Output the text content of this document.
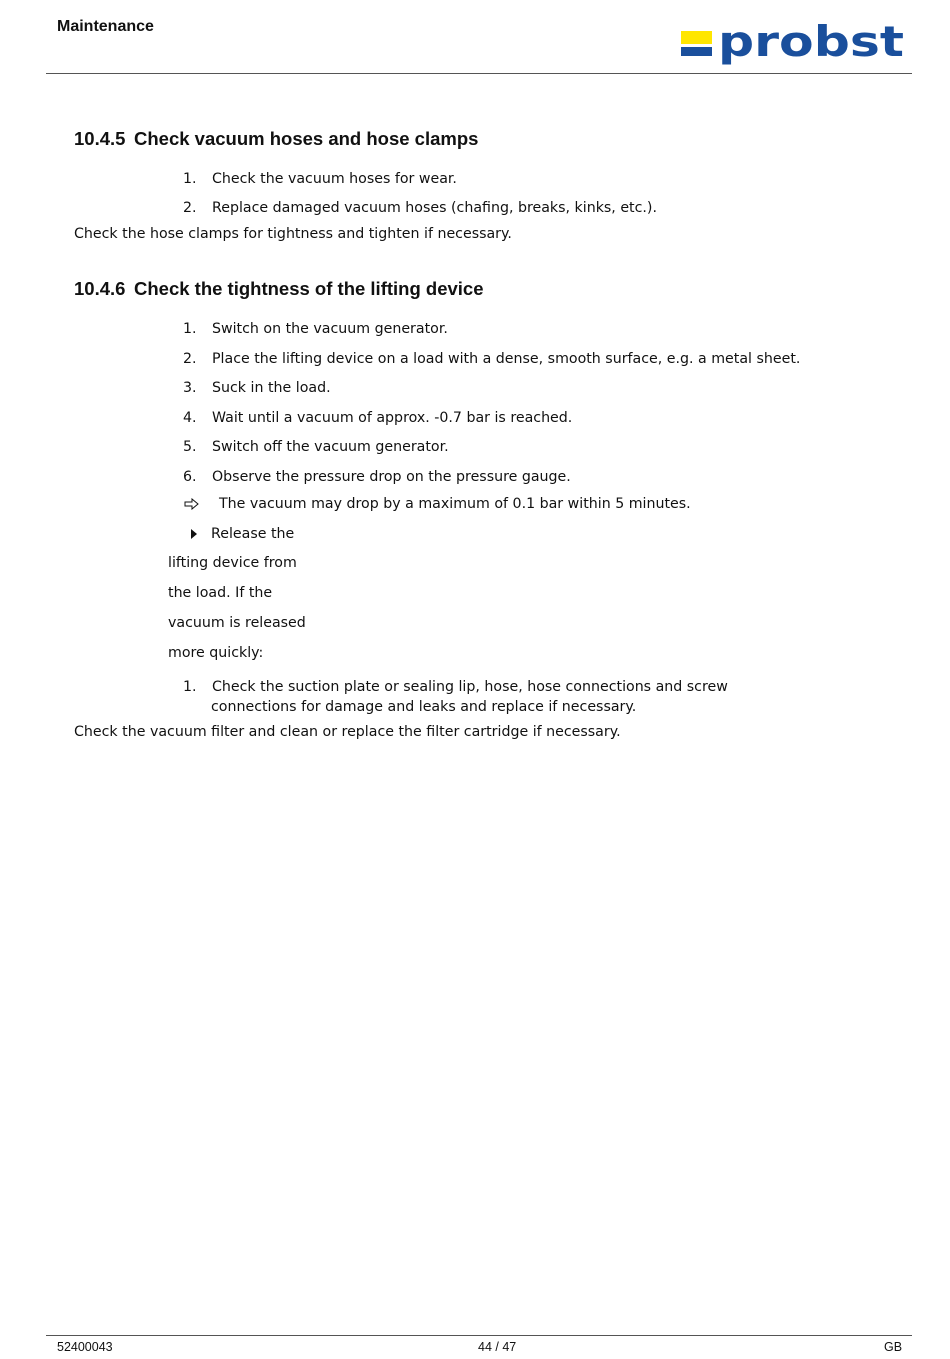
Maintenance	probst
10.4.5 Check vacuum hoses and hose clamps
1. Check the vacuum hoses for wear.
2. Replace damaged vacuum hoses (chafing, breaks, kinks, etc.).
Check the hose clamps for tightness and tighten if necessary.
10.4.6 Check the tightness of the lifting device
1. Switch on the vacuum generator.
2. Place the lifting device on a load with a dense, smooth surface, e.g. a metal sheet.
3. Suck in the load.
4. Wait until a vacuum of approx. -0.7 bar is reached.
5. Switch off the vacuum generator.
6. Observe the pressure drop on the pressure gauge.
The vacuum may drop by a maximum of 0.1 bar within 5 minutes.
Release the
lifting device from
the load. If the
vacuum is released
more quickly:
1. Check the suction plate or sealing lip, hose, hose connections and screw
connections for damage and leaks and replace if necessary.
Check the vacuum filter and clean or replace the filter cartridge if necessary.
52400043	44 / 47	GB
